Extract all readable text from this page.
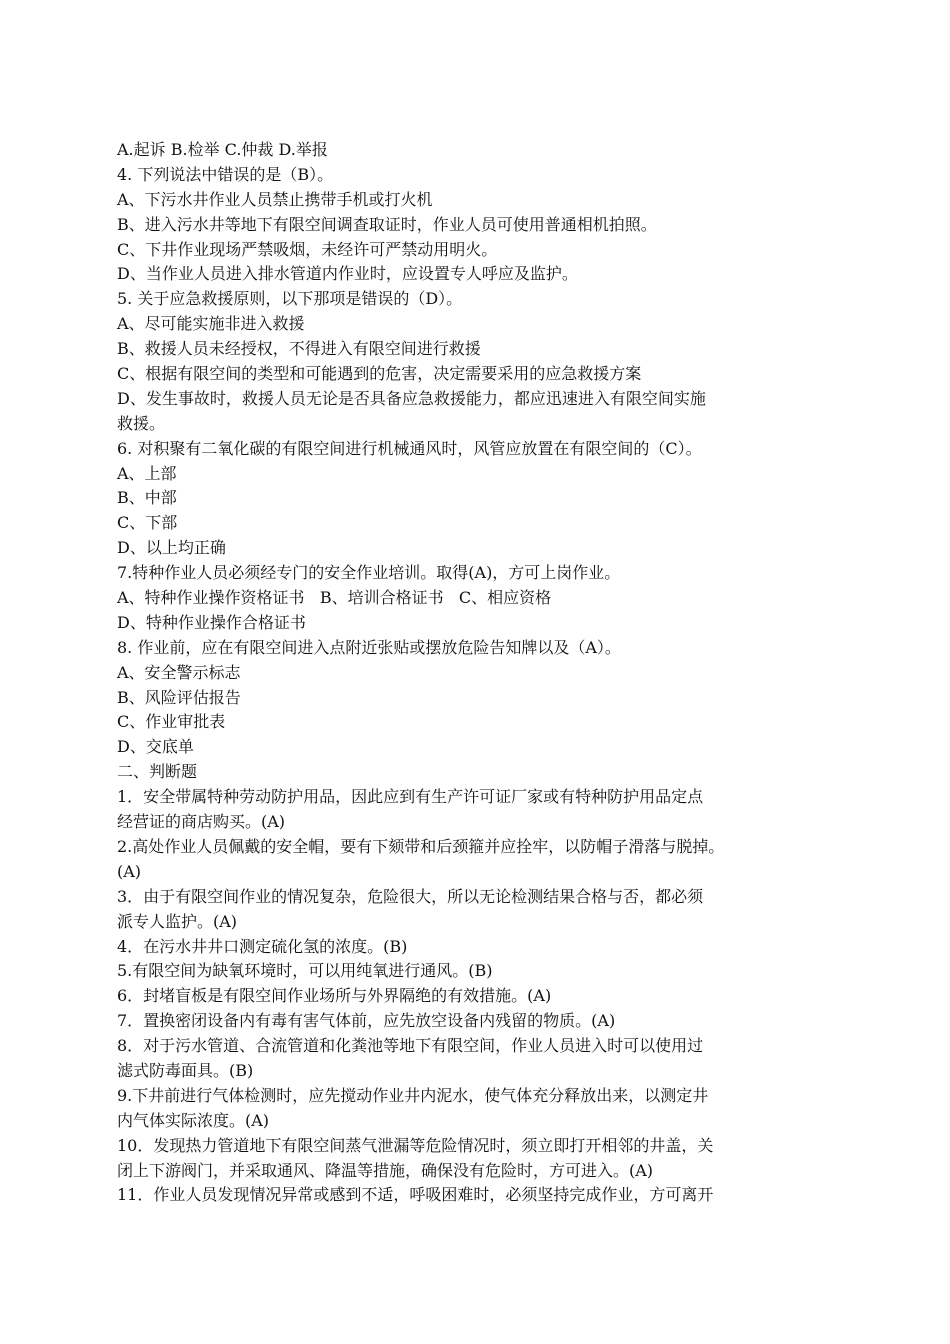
A.起诉 B.检举 C.仲裁 D.举报
4. 下列说法中错误的是（B）。
A、下污水井作业人员禁止携带手机或打火机
B、进入污水井等地下有限空间调查取证时，作业人员可使用普通相机拍照。
C、下井作业现场严禁吸烟，未经许可严禁动用明火。
D、当作业人员进入排水管道内作业时，应设置专人呼应及监护。
5. 关于应急救援原则，以下那项是错误的（D）。
A、尽可能实施非进入救援
B、救援人员未经授权，不得进入有限空间进行救援
C、根据有限空间的类型和可能遇到的危害，决定需要采用的应急救援方案
D、发生事故时，救援人员无论是否具备应急救援能力，都应迅速进入有限空间实施
救援。
6. 对积聚有二氧化碳的有限空间进行机械通风时，风管应放置在有限空间的（C）。
A、上部
B、中部
C、下部
D、以上均正确
7.特种作业人员必须经专门的安全作业培训。取得(A)，方可上岗作业。
A、特种作业操作资格证书   B、培训合格证书   C、相应资格
D、特种作业操作合格证书
8. 作业前，应在有限空间进入点附近张贴或摆放危险告知牌以及（A）。
A、安全警示标志
B、风险评估报告
C、作业审批表
D、交底单
二、判断题
1．安全带属特种劳动防护用品，因此应到有生产许可证厂家或有特种防护用品定点
经营证的商店购买。(A)
2.高处作业人员佩戴的安全帽，要有下颏带和后颈箍并应拴牢，以防帽子滑落与脱掉。
(A)
3．由于有限空间作业的情况复杂，危险很大，所以无论检测结果合格与否，都必须
派专人监护。(A)
4．在污水井井口测定硫化氢的浓度。(B)
5.有限空间为缺氧环境时，可以用纯氧进行通风。(B)
6．封堵盲板是有限空间作业场所与外界隔绝的有效措施。(A)
7．置换密闭设备内有毒有害气体前，应先放空设备内残留的物质。(A)
8．对于污水管道、合流管道和化粪池等地下有限空间，作业人员进入时可以使用过
滤式防毒面具。(B)
9.下井前进行气体检测时，应先搅动作业井内泥水，使气体充分释放出来，以测定井
内气体实际浓度。(A)
10．发现热力管道地下有限空间蒸气泄漏等危险情况时，须立即打开相邻的井盖，关
闭上下游阀门，并采取通风、降温等措施，确保没有危险时，方可进入。(A)
11．作业人员发现情况异常或感到不适，呼吸困难时，必须坚持完成作业，方可离开
